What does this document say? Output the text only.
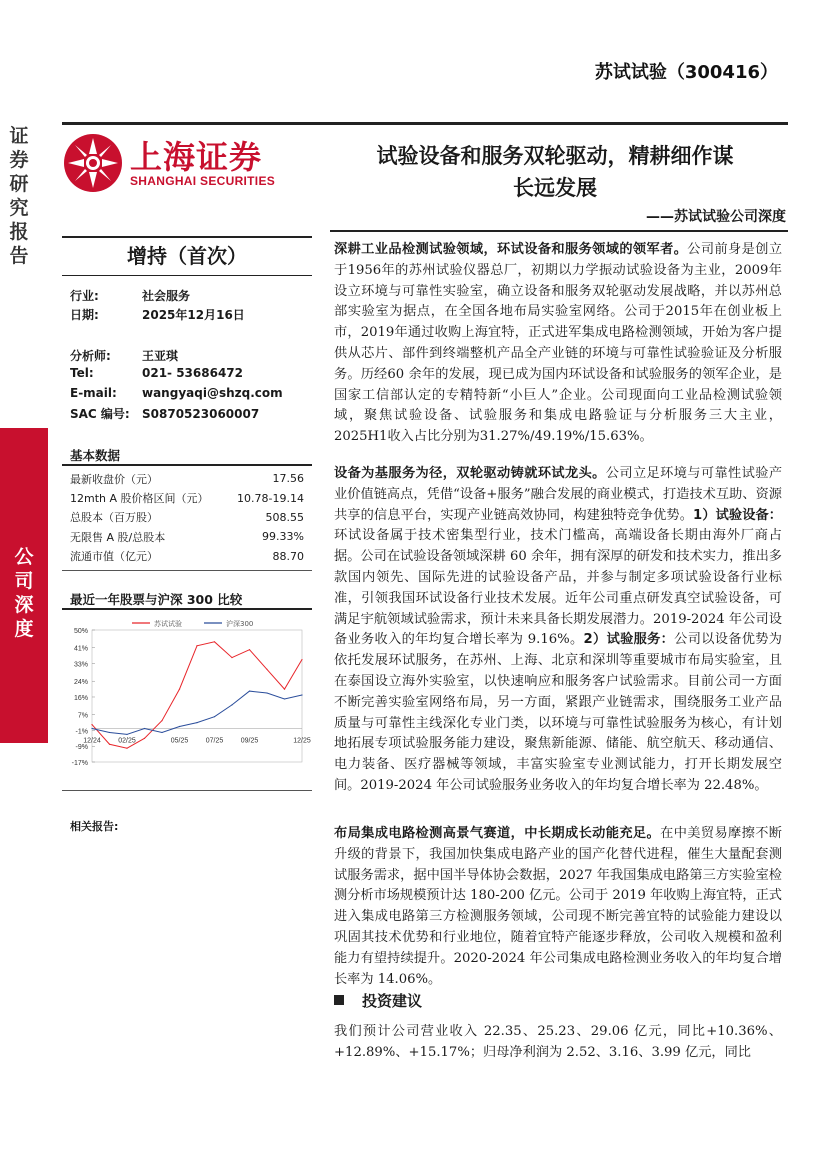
证券研究报告
公司深度
苏试试验（300416）
上海证券
SHANGHAI SECURITIES
试验设备和服务双轮驱动，精耕细作谋
长远发展
——苏试试验公司深度
增持（首次）
行业:	社会服务
日期:	2025年12月16日
分析师:	王亚琪
Tel:	021- 53686472
E-mail: wangyaqi@shzq.com
SAC 编号: S0870523060007
基本数据
最新收盘价（元）	17.56
12mth A 股价格区间（元）	10.78-19.14
总股本（百万股）	508.55
无限售 A 股/总股本	99.33%
流通市值（亿元）	88.70
最近一年股票与沪深 300 比较
50%
41%
33%
24%
16%
7%
-1%
-9%
-17%
12/24 02/25	05/25 07/25 09/25	12/25
苏试试验	沪深300
相关报告:
深耕工业品检测试验领域，环试设备和服务领域的领军者。公司前身是创立于1956年的苏州试验仪器总厂，初期以力学振动试验设备为主业，2009年设立环境与可靠性实验室，确立设备和服务双轮驱动发展战略，并以苏州总部实验室为据点，在全国各地布局实验室网络。公司于2015年在创业板上市，2019年通过收购上海宜特，正式进军集成电路检测领域，开始为客户提供从芯片、部件到终端整机产品全产业链的环境与可靠性试验验证及分析服务。历经60 余年的发展，现已成为国内环试设备和试验服务的领军企业，是国家工信部认定的专精特新“小巨人”企业。公司现面向工业品检测试验领域，聚焦试验设备、试验服务和集成电路验证与分析服务三大主业，2025H1收入占比分别为31.27%/49.19%/15.63%。
设备为基服务为径，双轮驱动铸就环试龙头。公司立足环境与可靠性试验产业价值链高点，凭借“设备+服务”融合发展的商业模式，打造技术互助、资源共享的信息平台，实现产业链高效协同，构建独特竞争优势。1）试验设备：环试设备属于技术密集型行业，技术门槛高，高端设备长期由海外厂商占据。公司在试验设备领域深耕 60 余年，拥有深厚的研发和技术实力，推出多款国内领先、国际先进的试验设备产品，并参与制定多项试验设备行业标准，引领我国环试设备行业技术发展。近年公司重点研发真空试验设备，可满足宇航领域试验需求，预计未来具备长期发展潜力。2019-2024 年公司设备业务收入的年均复合增长率为 9.16%。2）试验服务：公司以设备优势为依托发展环试服务，在苏州、上海、北京和深圳等重要城市布局实验室，且在泰国设立海外实验室，以快速响应和服务客户试验需求。目前公司一方面不断完善实验室网络布局，另一方面，紧跟产业链需求，围绕服务工业产品质量与可靠性主线深化专业门类，以环境与可靠性试验服务为核心，有计划地拓展专项试验服务能力建设，聚焦新能源、储能、航空航天、移动通信、电力装备、医疗器械等领域，丰富实验室专业测试能力，打开长期发展空间。2019-2024 年公司试验服务业务收入的年均复合增长率为 22.48%。
布局集成电路检测高景气赛道，中长期成长动能充足。在中美贸易摩擦不断升级的背景下，我国加快集成电路产业的国产化替代进程，催生大量配套测试服务需求，据中国半导体协会数据，2027 年我国集成电路第三方实验室检测分析市场规模预计达 180-200 亿元。公司于 2019 年收购上海宜特，正式进入集成电路第三方检测服务领域，公司现不断完善宜特的试验能力建设以巩固其技术优势和行业地位，随着宜特产能逐步释放，公司收入规模和盈利能力有望持续提升。2020-2024 年公司集成电路检测业务收入的年均复合增长率为 14.06%。
投资建议
我们预计公司营业收入 22.35、25.23、29.06 亿元，同比+10.36%、+12.89%、+15.17%；归母净利润为 2.52、3.16、3.99 亿元，同比
